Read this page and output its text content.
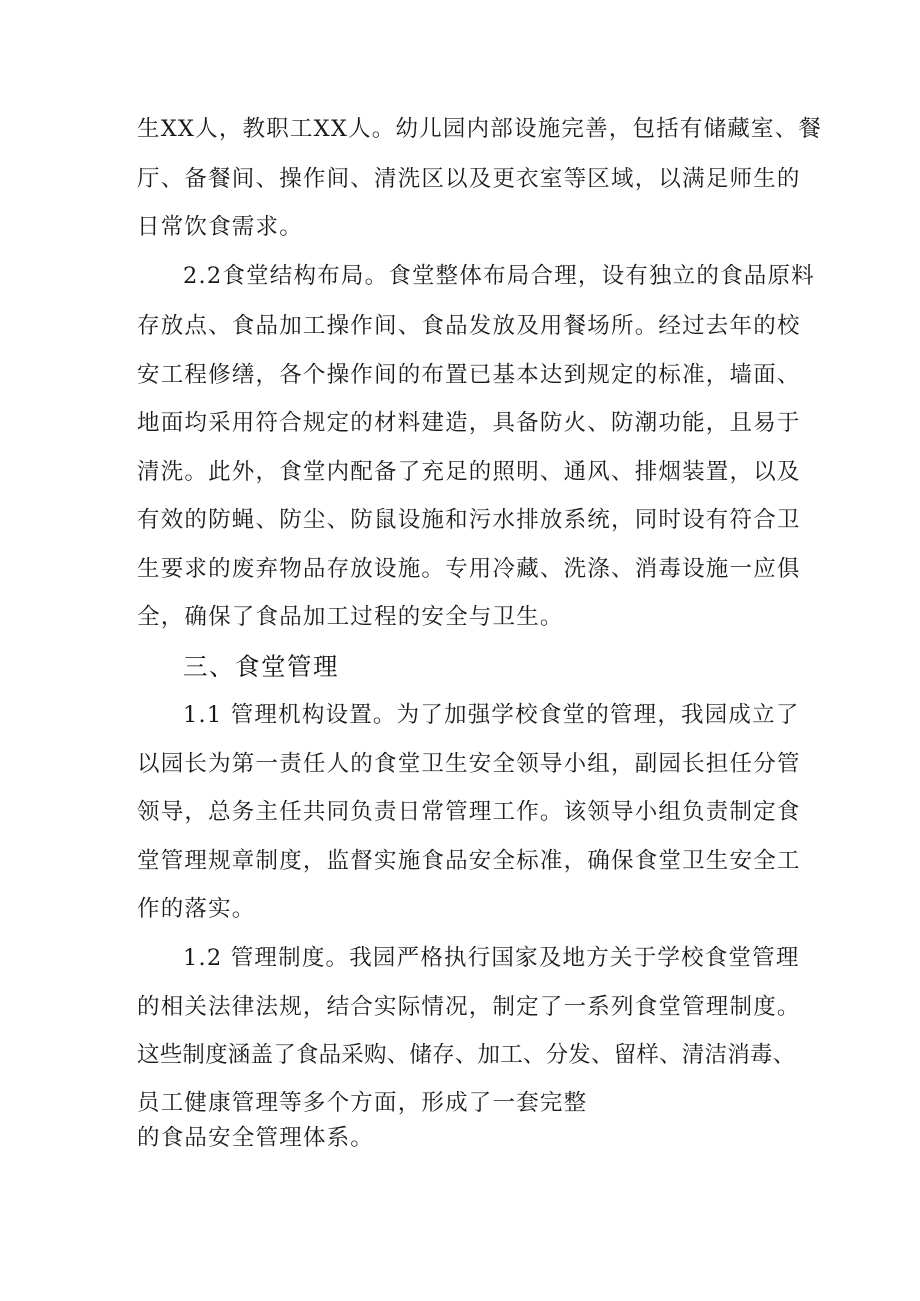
生XX人，教职工XX人。幼儿园内部设施完善，包括有储藏室、餐
厅、备餐间、操作间、清洗区以及更衣室等区域，以满足师生的
日常饮食需求。
2.2食堂结构布局。食堂整体布局合理，设有独立的食品原料
存放点、食品加工操作间、食品发放及用餐场所。经过去年的校
安工程修缮，各个操作间的布置已基本达到规定的标准，墙面、
地面均采用符合规定的材料建造，具备防火、防潮功能，且易于
清洗。此外，食堂内配备了充足的照明、通风、排烟装置，以及
有效的防蝇、防尘、防鼠设施和污水排放系统，同时设有符合卫
生要求的废弃物品存放设施。专用冷藏、洗涤、消毒设施一应俱
全，确保了食品加工过程的安全与卫生。
三、食堂管理
1.1 管理机构设置。为了加强学校食堂的管理，我园成立了
以园长为第一责任人的食堂卫生安全领导小组，副园长担任分管
领导，总务主任共同负责日常管理工作。该领导小组负责制定食
堂管理规章制度，监督实施食品安全标准，确保食堂卫生安全工
作的落实。
1.2 管理制度。我园严格执行国家及地方关于学校食堂管理
的相关法律法规，结合实际情况，制定了一系列食堂管理制度。
这些制度涵盖了食品采购、储存、加工、分发、留样、清洁消毒、
员工健康管理等多个方面，形成了一套完整
的食品安全管理体系。
